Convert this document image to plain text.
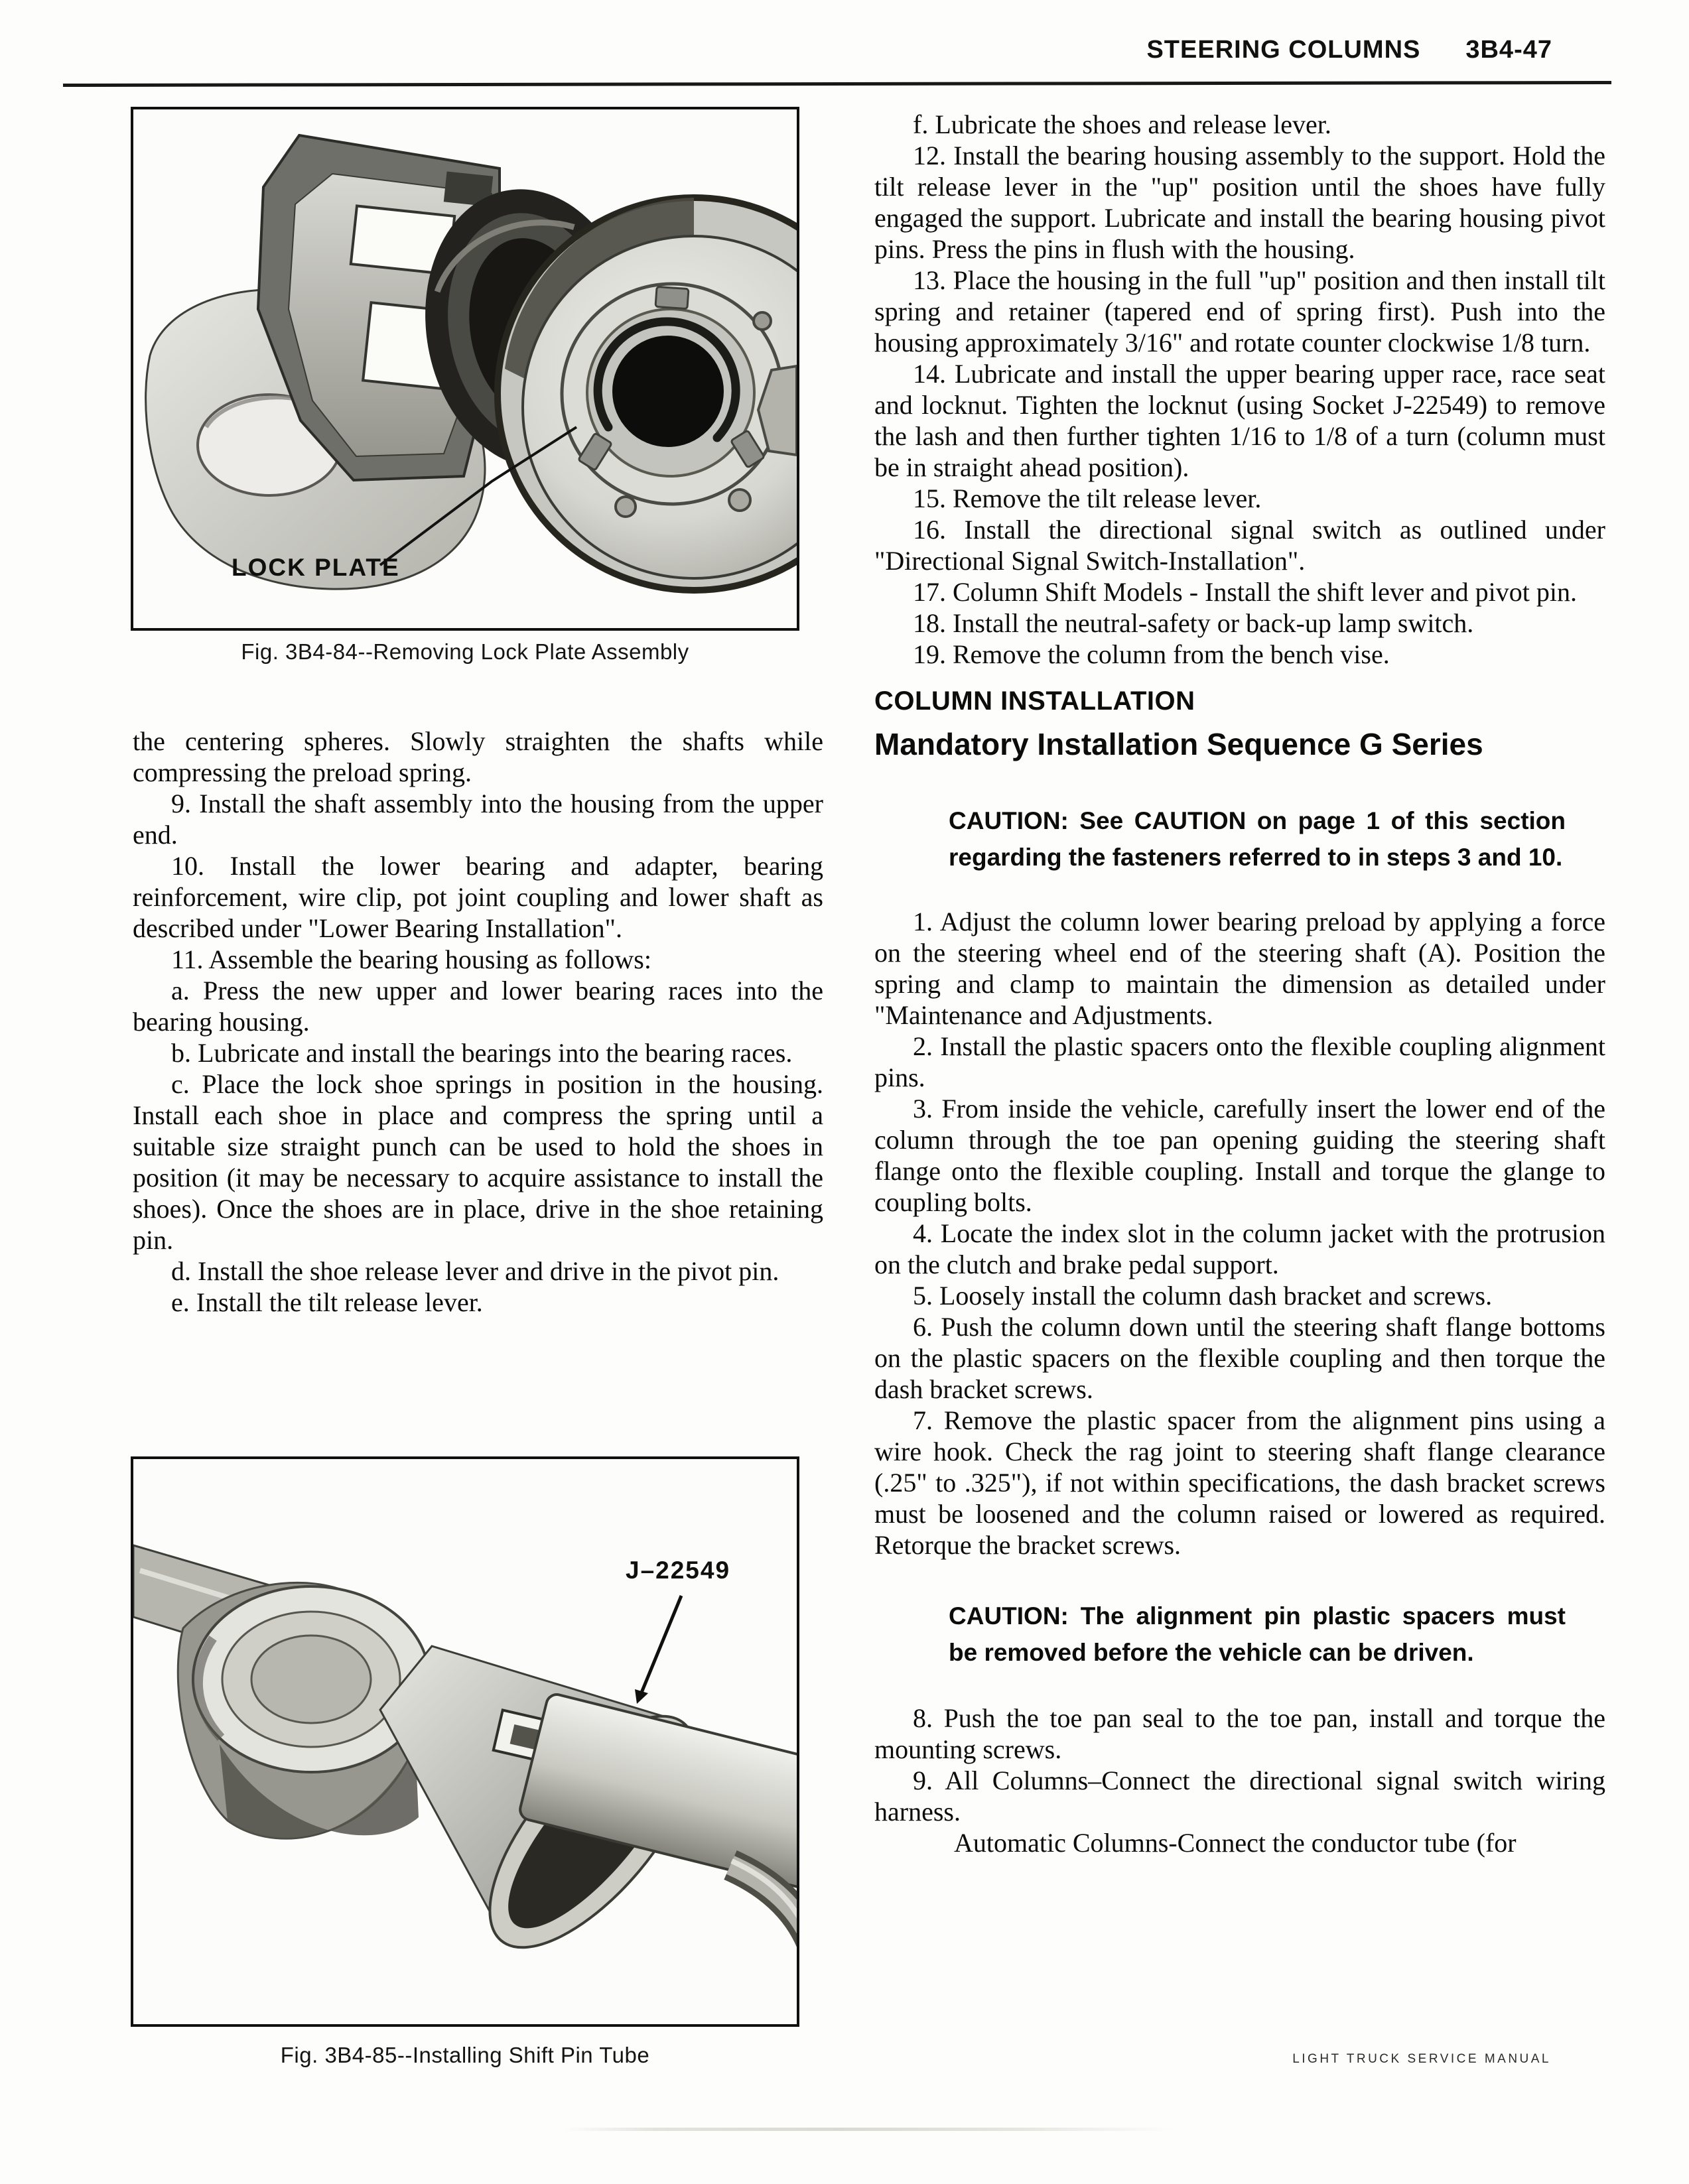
STEERING COLUMNS 3B4-47
LOCK PLATE
Fig. 3B4-84--Removing Lock Plate Assembly

the centering spheres. Slowly straighten the shafts while compressing the preload spring.

9. Install the shaft assembly into the housing from the upper end.

10. Install the lower bearing and adapter, bearing reinforcement, wire clip, pot joint coupling and lower shaft as described under "Lower Bearing Installation".

11. Assemble the bearing housing as follows:

a. Press the new upper and lower bearing races into the bearing housing.

b. Lubricate and install the bearings into the bearing races.

c. Place the lock shoe springs in position in the housing. Install each shoe in place and compress the spring until a suitable size straight punch can be used to hold the shoes in position (it may be necessary to acquire assistance to install the shoes). Once the shoes are in place, drive in the shoe retaining pin.

d. Install the shoe release lever and drive in the pivot pin.

e. Install the tilt release lever.

J–22549
Fig. 3B4-85--Installing Shift Pin Tube

f. Lubricate the shoes and release lever.

12. Install the bearing housing assembly to the support. Hold the tilt release lever in the "up" position until the shoes have fully engaged the support. Lubricate and install the bearing housing pivot pins. Press the pins in flush with the housing.

13. Place the housing in the full "up" position and then install tilt spring and retainer (tapered end of spring first). Push into the housing approximately 3/16" and rotate counter clockwise 1/8 turn.

14. Lubricate and install the upper bearing upper race, race seat and locknut. Tighten the locknut (using Socket J-22549) to remove the lash and then further tighten 1/16 to 1/8 of a turn (column must be in straight ahead position).

15. Remove the tilt release lever.

16. Install the directional signal switch as outlined under "Directional Signal Switch-Installation".

17. Column Shift Models - Install the shift lever and pivot pin.

18. Install the neutral-safety or back-up lamp switch.

19. Remove the column from the bench vise.

COLUMN INSTALLATION
Mandatory Installation Sequence G Series

CAUTION: See CAUTION on page 1 of this section regarding the fasteners referred to in steps 3 and 10.

1. Adjust the column lower bearing preload by applying a force on the steering wheel end of the steering shaft (A). Position the spring and clamp to maintain the dimension as detailed under "Maintenance and Adjustments.

2. Install the plastic spacers onto the flexible coupling alignment pins.

3. From inside the vehicle, carefully insert the lower end of the column through the toe pan opening guiding the steering shaft flange onto the flexible coupling. Install and torque the glange to coupling bolts.

4. Locate the index slot in the column jacket with the protrusion on the clutch and brake pedal support.

5. Loosely install the column dash bracket and screws.

6. Push the column down until the steering shaft flange bottoms on the plastic spacers on the flexible coupling and then torque the dash bracket screws.

7. Remove the plastic spacer from the alignment pins using a wire hook. Check the rag joint to steering shaft flange clearance (.25" to .325"), if not within specifications, the dash bracket screws must be loosened and the column raised or lowered as required. Retorque the bracket screws.

CAUTION: The alignment pin plastic spacers must be removed before the vehicle can be driven.

8. Push the toe pan seal to the toe pan, install and torque the mounting screws.

9. All Columns–Connect the directional signal switch wiring harness.

Automatic Columns-Connect the conductor tube (for

LIGHT TRUCK SERVICE MANUAL
